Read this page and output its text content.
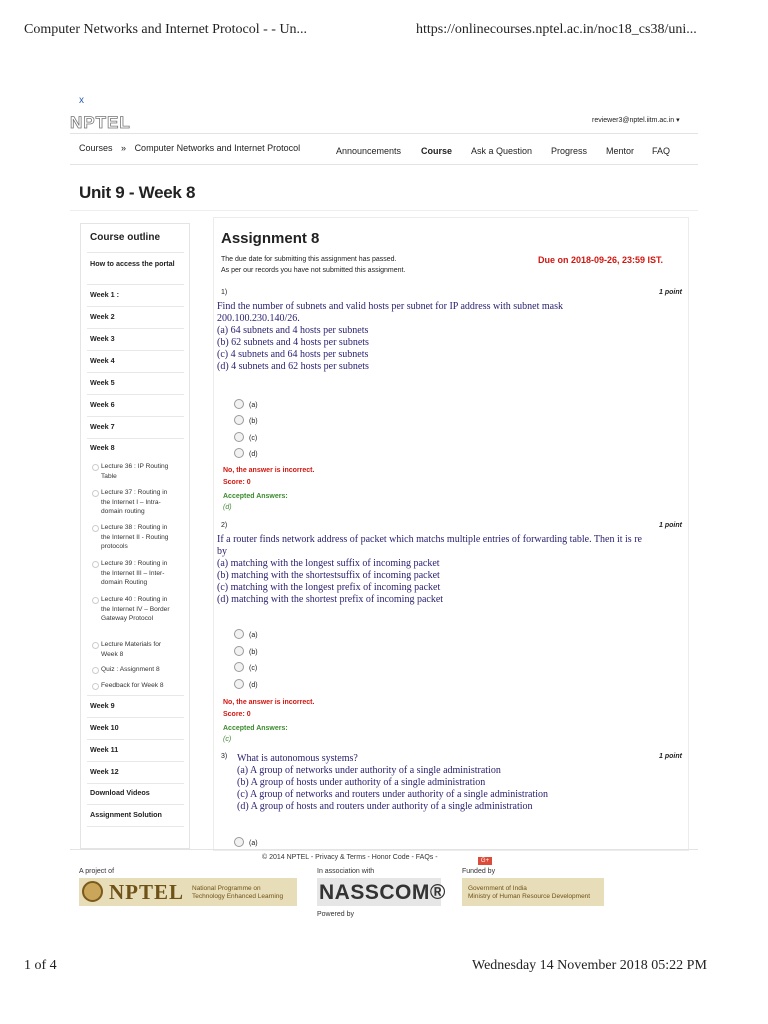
Computer Networks and Internet Protocol - - Un...	https://onlinecourses.nptel.ac.in/noc18_cs38/uni...
x
NPTEL	reviewer3@nptel.iitm.ac.in ▾
Courses » Computer Networks and Internet Protocol	Announcements Course Ask a Question Progress Mentor FAQ
Unit 9 - Week 8
Course outline
How to access the portal
Week 1 :
Week 2
Week 3
Week 4
Week 5
Week 6
Week 7
Week 8
Lecture 36 : IP Routing Table
Lecture 37 : Routing in the Internet I – Intra-domain routing
Lecture 38 : Routing in the Internet II - Routing protocols
Lecture 39 : Routing in the Internet III – Inter-domain Routing
Lecture 40 : Routing in the Internet IV – Border Gateway Protocol
Lecture Materials for Week 8
Quiz : Assignment 8
Feedback for Week 8
Week 9
Week 10
Week 11
Week 12
Download Videos
Assignment Solution
Assignment 8
The due date for submitting this assignment has passed.
As per our records you have not submitted this assignment.
Due on 2018-09-26, 23:59 IST.
1)	1 point
Find the number of subnets and valid hosts per subnet for IP address with subnet mask
200.100.230.140/26.
(a) 64 subnets and 4 hosts per subnets
(b) 62 subnets and 4 hosts per subnets
(c) 4 subnets and 64 hosts per subnets
(d) 4 subnets and 62 hosts per subnets
(a)
(b)
(c)
(d)
No, the answer is incorrect.
Score: 0
Accepted Answers:
(d)
2)	1 point
If a router finds network address of packet which matchs multiple entries of forwarding table. Then it is re
by
(a) matching with the longest suffix of incoming packet
(b) matching with the shortestsuffix of incoming packet
(c) matching with the longest prefix of incoming packet
(d) matching with the shortest prefix of incoming packet
(a)
(b)
(c)
(d)
No, the answer is incorrect.
Score: 0
Accepted Answers:
(c)
3)	1 point
What is autonomous systems?
(a) A group of networks under authority of a single administration
(b) A group of hosts under authority of a single administration
(c) A group of networks and routers under authority of a single administration
(d) A group of hosts and routers under authority of a single administration
(a)
© 2014 NPTEL - Privacy & Terms - Honor Code - FAQs -	G+
A project of	In association with	Funded by
NPTEL National Programme on
Technology Enhanced Learning NASSCOM®	Government of India
Ministry of Human Resource Development
Powered by
1 of 4	Wednesday 14 November 2018 05:22 PM
